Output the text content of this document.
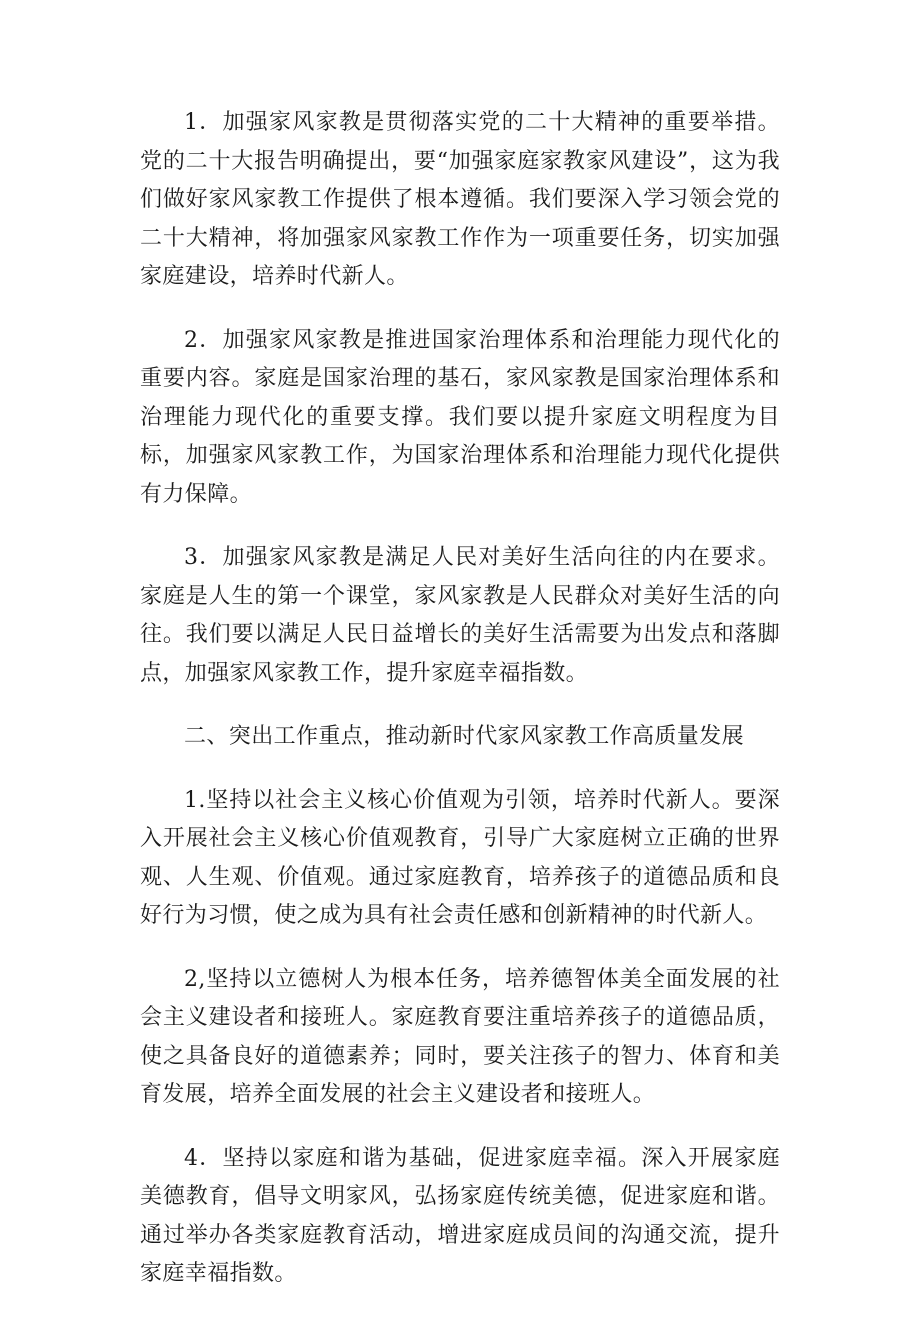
1．加强家风家教是贯彻落实党的二十大精神的重要举措。党的二十大报告明确提出，要“加强家庭家教家风建设”，这为我们做好家风家教工作提供了根本遵循。我们要深入学习领会党的二十大精神，将加强家风家教工作作为一项重要任务，切实加强家庭建设，培养时代新人。

2．加强家风家教是推进国家治理体系和治理能力现代化的重要内容。家庭是国家治理的基石，家风家教是国家治理体系和治理能力现代化的重要支撑。我们要以提升家庭文明程度为目标，加强家风家教工作，为国家治理体系和治理能力现代化提供有力保障。

3．加强家风家教是满足人民对美好生活向往的内在要求。家庭是人生的第一个课堂，家风家教是人民群众对美好生活的向往。我们要以满足人民日益增长的美好生活需要为出发点和落脚点，加强家风家教工作，提升家庭幸福指数。

二、突出工作重点，推动新时代家风家教工作高质量发展

1.坚持以社会主义核心价值观为引领，培养时代新人。要深入开展社会主义核心价值观教育，引导广大家庭树立正确的世界观、人生观、价值观。通过家庭教育，培养孩子的道德品质和良好行为习惯，使之成为具有社会责任感和创新精神的时代新人。

2,坚持以立德树人为根本任务，培养德智体美全面发展的社会主义建设者和接班人。家庭教育要注重培养孩子的道德品质，使之具备良好的道德素养；同时，要关注孩子的智力、体育和美育发展，培养全面发展的社会主义建设者和接班人。

4．坚持以家庭和谐为基础，促进家庭幸福。深入开展家庭美德教育，倡导文明家风，弘扬家庭传统美德，促进家庭和谐。通过举办各类家庭教育活动，增进家庭成员间的沟通交流，提升家庭幸福指数。
